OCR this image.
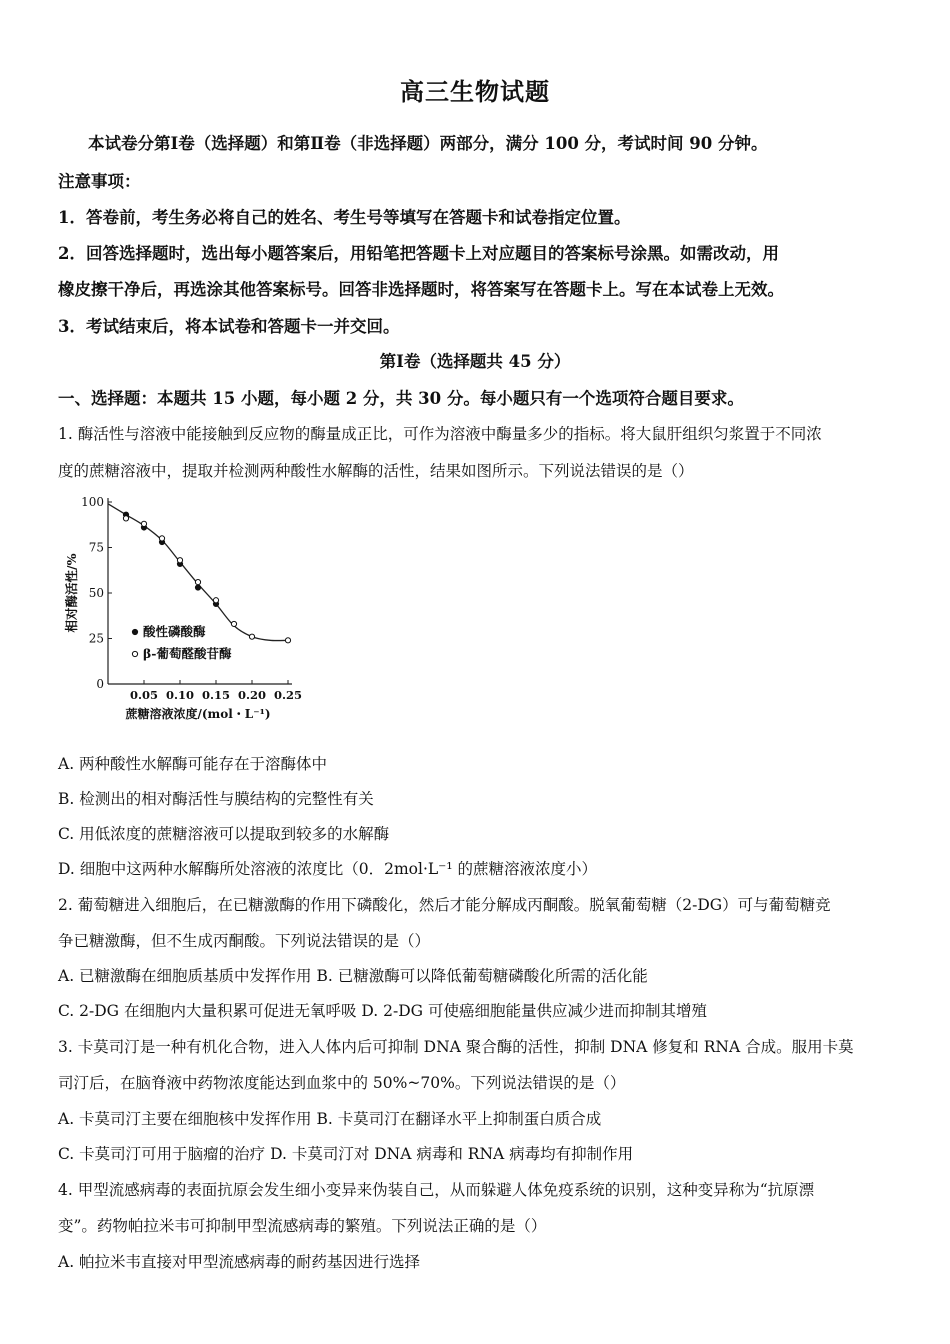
高三生物试题
本试卷分第Ⅰ卷（选择题）和第Ⅱ卷（非选择题）两部分，满分 100 分，考试时间 90 分钟。
注意事项：
1．答卷前，考生务必将自己的姓名、考生号等填写在答题卡和试卷指定位置。
2．回答选择题时，选出每小题答案后，用铅笔把答题卡上对应题目的答案标号涂黑。如需改动，用
橡皮擦干净后，再选涂其他答案标号。回答非选择题时，将答案写在答题卡上。写在本试卷上无效。
3．考试结束后，将本试卷和答题卡一并交回。
第Ⅰ卷（选择题共 45 分）
一、选择题：本题共 15 小题，每小题 2 分，共 30 分。每小题只有一个选项符合题目要求。
1. 酶活性与溶液中能接触到反应物的酶量成正比，可作为溶液中酶量多少的指标。将大鼠肝组织匀浆置于不同浓
度的蔗糖溶液中，提取并检测两种酸性水解酶的活性，结果如图所示。下列说法错误的是（）
0
25
50
75
100
0.05 0.10 0.15 0.20 0.25
蔗糖溶液浓度/(mol・L⁻¹)
相对酶活性/%	酸性磷酸酶
β-葡萄醛酸苷酶
A. 两种酸性水解酶可能存在于溶酶体中
B. 检测出的相对酶活性与膜结构的完整性有关
C. 用低浓度的蔗糖溶液可以提取到较多的水解酶
D. 细胞中这两种水解酶所处溶液的浓度比（0．2mol·L⁻¹ 的蔗糖溶液浓度小）
2. 葡萄糖进入细胞后，在已糖激酶的作用下磷酸化，然后才能分解成丙酮酸。脱氧葡萄糖（2-DG）可与葡萄糖竞
争已糖激酶，但不生成丙酮酸。下列说法错误的是（）
A. 已糖激酶在细胞质基质中发挥作用 B. 已糖激酶可以降低葡萄糖磷酸化所需的活化能
C. 2-DG 在细胞内大量积累可促进无氧呼吸 D. 2-DG 可使癌细胞能量供应减少进而抑制其增殖
3. 卡莫司汀是一种有机化合物，进入人体内后可抑制 DNA 聚合酶的活性，抑制 DNA 修复和 RNA 合成。服用卡莫
司汀后，在脑脊液中药物浓度能达到血浆中的 50%~70%。下列说法错误的是（）
A. 卡莫司汀主要在细胞核中发挥作用 B. 卡莫司汀在翻译水平上抑制蛋白质合成
C. 卡莫司汀可用于脑瘤的治疗 D. 卡莫司汀对 DNA 病毒和 RNA 病毒均有抑制作用
4. 甲型流感病毒的表面抗原会发生细小变异来伪装自己，从而躲避人体免疫系统的识别，这种变异称为“抗原漂
变”。药物帕拉米韦可抑制甲型流感病毒的繁殖。下列说法正确的是（）
A. 帕拉米韦直接对甲型流感病毒的耐药基因进行选择
